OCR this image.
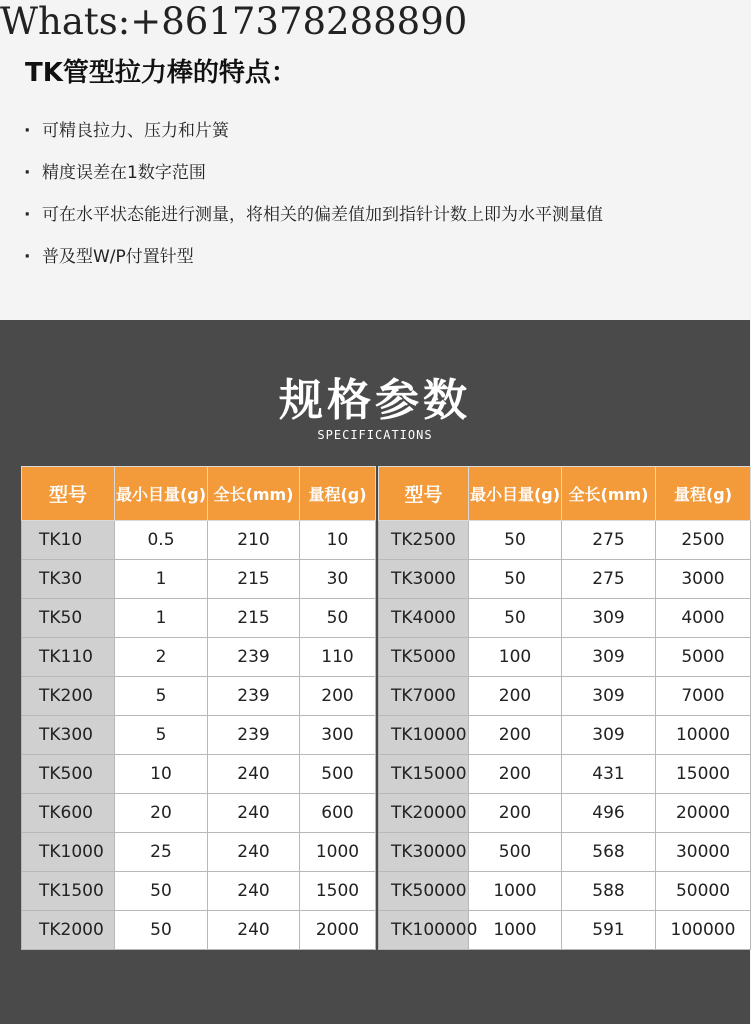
Whats:+8617378288890
TK管型拉力棒的特点：
· 可精良拉力、压力和片簧
· 精度误差在1数字范围
· 可在水平状态能进行测量，将相关的偏差值加到指针计数上即为水平测量值
· 普及型W/P付置针型
规格参数
SPECIFICATIONS
型号	最小目量(g)	全长(mm)	量程(g)		型号	最小目量(g)	全长(mm)	量程(g)
TK10	0.5	210	10		TK2500	50	275	2500
TK30	1	215	30		TK3000	50	275	3000
TK50	1	215	50		TK4000	50	309	4000
TK110	2	239	110		TK5000	100	309	5000
TK200	5	239	200		TK7000	200	309	7000
TK300	5	239	300		TK10000	200	309	10000
TK500	10	240	500		TK15000	200	431	15000
TK600	20	240	600		TK20000	200	496	20000
TK1000	25	240	1000		TK30000	500	568	30000
TK1500	50	240	1500		TK50000	1000	588	50000
TK2000	50	240	2000		TK100000	1000	591	100000
